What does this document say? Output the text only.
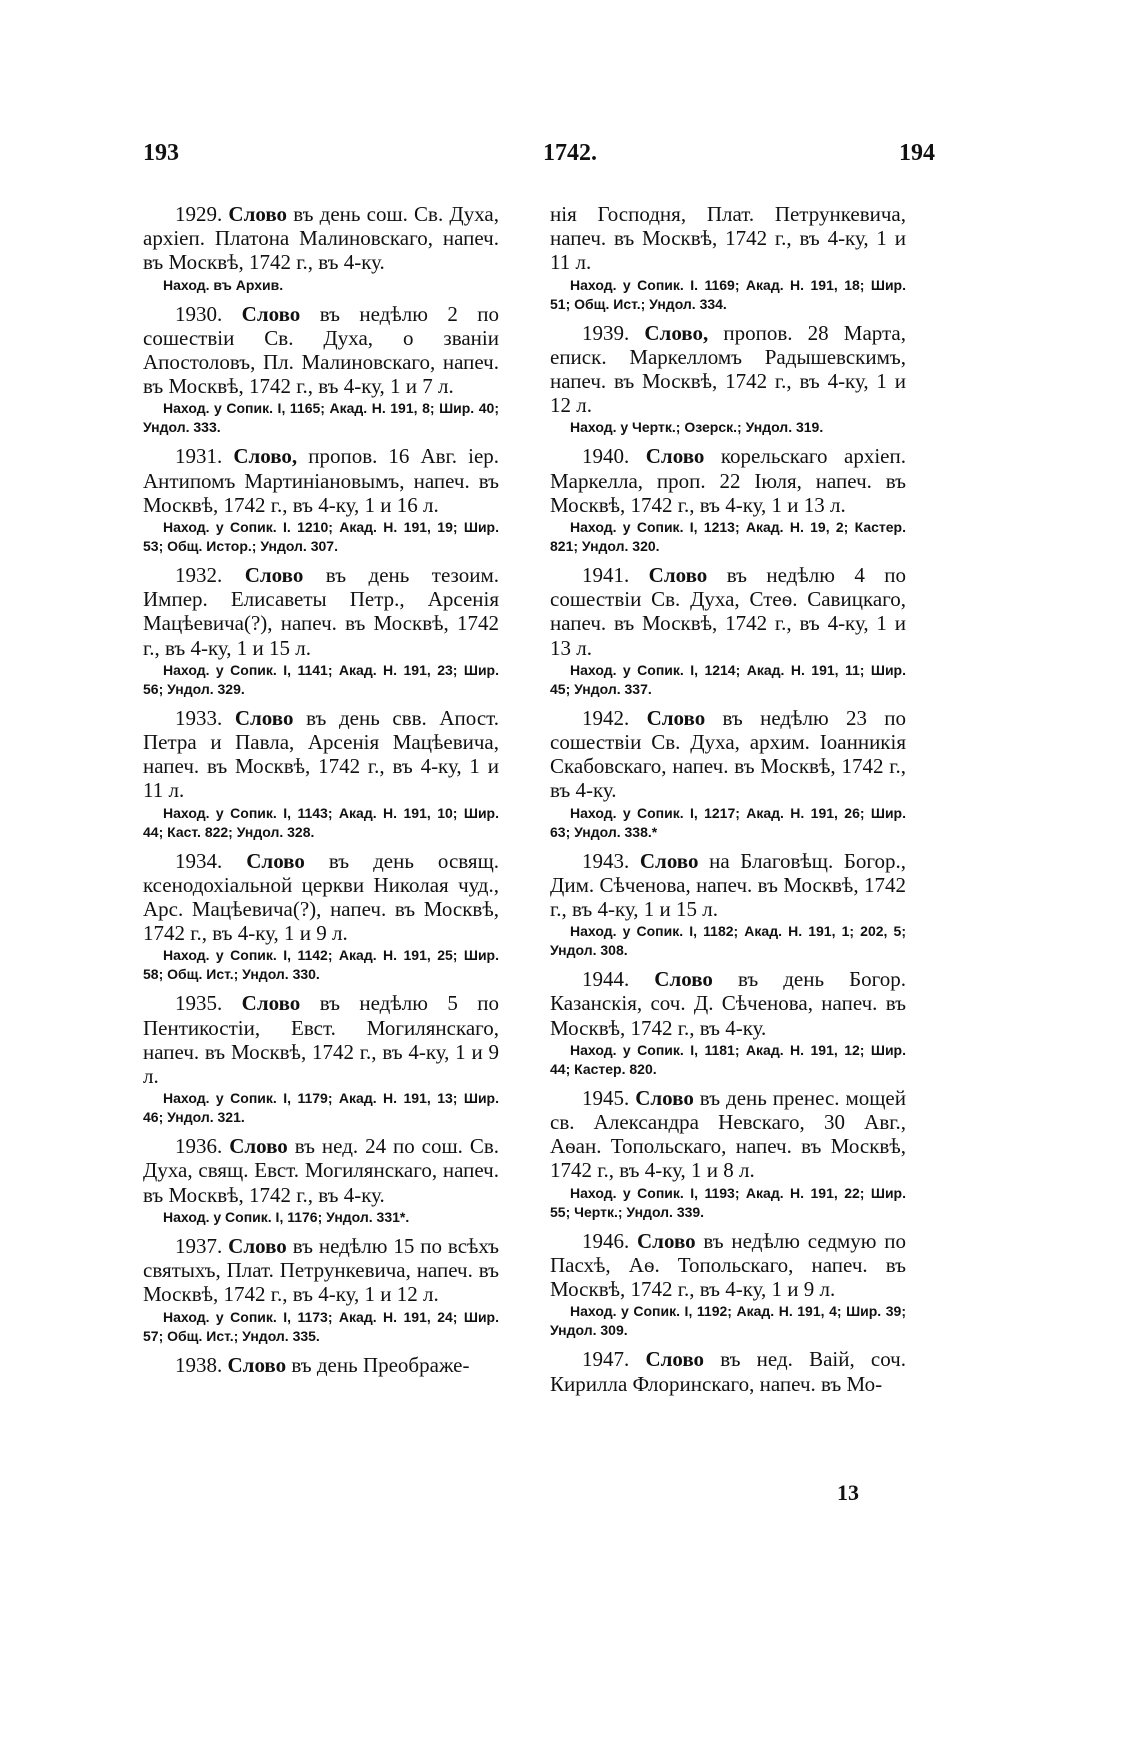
193	1742.	194

1929. Слово въ день сош. Св. Духа, архiеп. Платона Малиновскаго, напеч. въ Москвѣ, 1742 г., въ 4-ку.

Наход. въ Архив.

1930. Слово въ недѣлю 2 по сошествiи Св. Духа, о званiи Апостоловъ, Пл. Малиновскаго, напеч. въ Москвѣ, 1742 г., въ 4-ку, 1 и 7 л.

Наход. у Сопик. I, 1165; Акад. Н. 191, 8; Шир. 40; Ундол. 333.

1931. Слово, пропов. 16 Авг. iер. Антипомъ Мартинiановымъ, напеч. въ Москвѣ, 1742 г., въ 4-ку, 1 и 16 л.

Наход. у Сопик. I. 1210; Акад. Н. 191, 19; Шир. 53; Общ. Истор.; Ундол. 307.

1932. Слово въ день тезоим. Импер. Елисаветы Петр., Арсенiя Мацѣевича(?), напеч. въ Москвѣ, 1742 г., въ 4-ку, 1 и 15 л.

Наход. у Сопик. I, 1141; Акад. Н. 191, 23; Шир. 56; Ундол. 329.

1933. Слово въ день свв. Апост. Петра и Павла, Арсенiя Мацѣевича, напеч. въ Москвѣ, 1742 г., въ 4-ку, 1 и 11 л.

Наход. у Сопик. I, 1143; Акад. Н. 191, 10; Шир. 44; Каст. 822; Ундол. 328.

1934. Слово въ день освящ. ксенодохiальной церкви Николая чуд., Арс. Мацѣевича(?), напеч. въ Москвѣ, 1742 г., въ 4-ку, 1 и 9 л.

Наход. у Сопик. I, 1142; Акад. Н. 191, 25; Шир. 58; Общ. Ист.; Ундол. 330.

1935. Слово въ недѣлю 5 по Пентикостiи, Евст. Могилянскаго, напеч. въ Москвѣ, 1742 г., въ 4-ку, 1 и 9 л.

Наход. у Сопик. I, 1179; Акад. Н. 191, 13; Шир. 46; Ундол. 321.

1936. Слово въ нед. 24 по сош. Св. Духа, свящ. Евст. Могилянскаго, напеч. въ Москвѣ, 1742 г., въ 4-ку.

Наход. у Сопик. I, 1176; Ундол. 331*.

1937. Слово въ недѣлю 15 по всѣхъ святыхъ, Плат. Петрункевича, напеч. въ Москвѣ, 1742 г., въ 4-ку, 1 и 12 л.

Наход. у Сопик. I, 1173; Акад. Н. 191, 24; Шир. 57; Общ. Ист.; Ундол. 335.

1938. Слово въ день Преображе-

нiя Господня, Плат. Петрункевича, напеч. въ Москвѣ, 1742 г., въ 4-ку, 1 и 11 л.

Наход. у Сопик. I. 1169; Акад. Н. 191, 18; Шир. 51; Общ. Ист.; Ундол. 334.

1939. Слово, пропов. 28 Марта, еписк. Маркелломъ Радышевскимъ, напеч. въ Москвѣ, 1742 г., въ 4-ку, 1 и 12 л.

Наход. у Чертк.; Озерск.; Ундол. 319.

1940. Слово корельскаго архiеп. Маркелла, проп. 22 Iюля, напеч. въ Москвѣ, 1742 г., въ 4-ку, 1 и 13 л.

Наход. у Сопик. I, 1213; Акад. Н. 19, 2; Кастер. 821; Ундол. 320.

1941. Слово въ недѣлю 4 по сошествiи Св. Духа, Стеѳ. Савицкаго, напеч. въ Москвѣ, 1742 г., въ 4-ку, 1 и 13 л.

Наход. у Сопик. I, 1214; Акад. Н. 191, 11; Шир. 45; Ундол. 337.

1942. Слово въ недѣлю 23 по сошествiи Св. Духа, архим. Iоанникiя Скабовскаго, напеч. въ Москвѣ, 1742 г., въ 4-ку.

Наход. у Сопик. I, 1217; Акад. Н. 191, 26; Шир. 63; Ундол. 338.*

1943. Слово на Благовѣщ. Богор., Дим. Сѣченова, напеч. въ Москвѣ, 1742 г., въ 4-ку, 1 и 15 л.

Наход. у Сопик. I, 1182; Акад. Н. 191, 1; 202, 5; Ундол. 308.

1944. Слово въ день Богор. Казанскiя, соч. Д. Сѣченова, напеч. въ Москвѣ, 1742 г., въ 4-ку.

Наход. у Сопик. I, 1181; Акад. Н. 191, 12; Шир. 44; Кастер. 820.

1945. Слово въ день пренес. мощей св. Александра Невскаго, 30 Авг., Аѳан. Топольскаго, напеч. въ Москвѣ, 1742 г., въ 4-ку, 1 и 8 л.

Наход. у Сопик. I, 1193; Акад. Н. 191, 22; Шир. 55; Чертк.; Ундол. 339.

1946. Слово въ недѣлю седмую по Пасхѣ, Аѳ. Топольскаго, напеч. въ Москвѣ, 1742 г., въ 4-ку, 1 и 9 л.

Наход. у Сопик. I, 1192; Акад. Н. 191, 4; Шир. 39; Ундол. 309.

1947. Слово въ нед. Ваiй, соч. Кирилла Флоринскаго, напеч. въ Мо-

13
